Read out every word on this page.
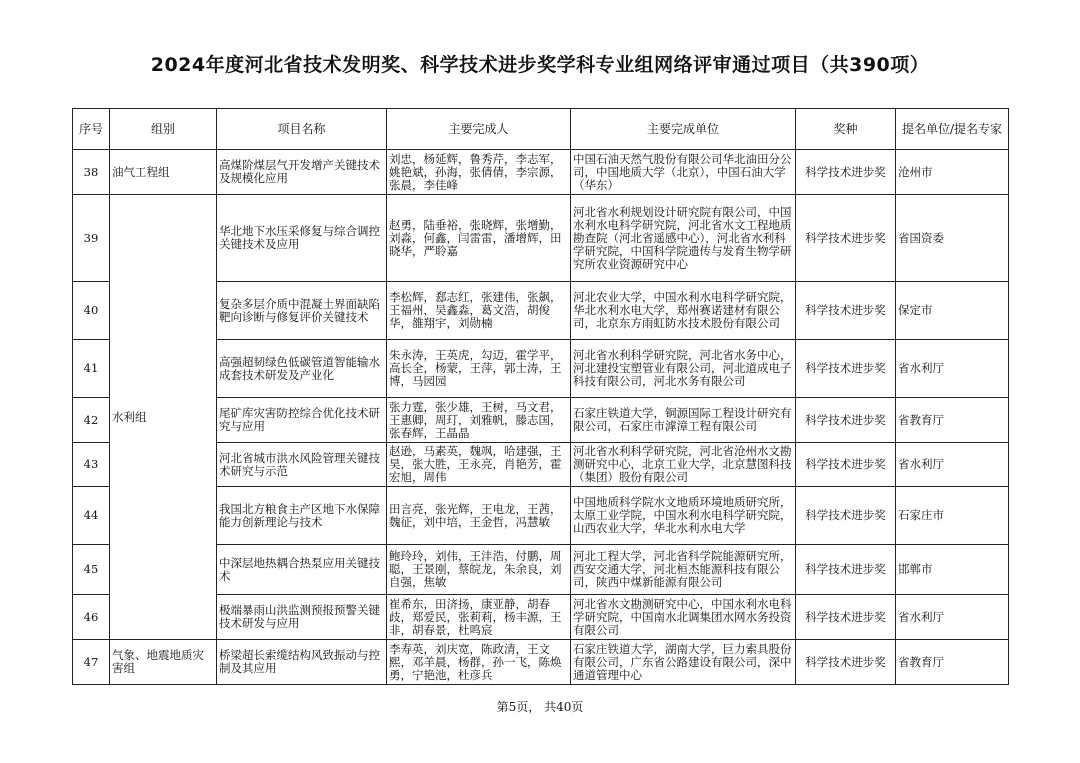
2024年度河北省技术发明奖、科学技术进步奖学科专业组网络评审通过项目（共390项）
序号	组别	项目名称	主要完成人	主要完成单位	奖种	提名单位/提名专家
38	油气工程组	高煤阶煤层气开发增产关键技术及规模化应用	刘忠，杨延辉，鲁秀芹，李志军，姚艳斌，孙海，张倩倩，李宗源，张晨，李佳峰	中国石油天然气股份有限公司华北油田分公司，中国地质大学（北京），中国石油大学（华东）	科学技术进步奖	沧州市
39	水利组	华北地下水压采修复与综合调控关键技术及应用	赵勇，陆垂裕，张晓辉，张增勤，刘淼，何鑫，闫雷雷，潘增辉，田晓华，严聆嘉	河北省水利规划设计研究院有限公司，中国水利水电科学研究院，河北省水文工程地质勘查院（河北省遥感中心），河北省水利科学研究院，中国科学院遗传与发育生物学研究所农业资源研究中心	科学技术进步奖	省国资委
40		复杂多层介质中混凝土界面缺陷靶向诊断与修复评价关键技术	李松辉，郄志红，张建伟，张飙，王福州，吴鑫淼，葛文浩，胡俊华，雒翔宇，刘勋楠	河北农业大学，中国水利水电科学研究院，华北水利水电大学，郑州赛诺建材有限公司，北京东方雨虹防水技术股份有限公司	科学技术进步奖	保定市
41		高强超韧绿色低碳管道智能输水成套技术研发及产业化	朱永涛，王英虎，勾迈，霍学平，高长全，杨蒙，王萍，郭士涛，王博，马园园	河北省水利科学研究院，河北省水务中心，河北建投宝塑管业有限公司，河北道成电子科技有限公司，河北水务有限公司	科学技术进步奖	省水利厅
42		尾矿库灾害防控综合优化技术研究与应用	张力霆，张少雄，王树，马文君，王惠卿，周玎，刘雅帆，滕志国，张春辉，王晶晶	石家庄铁道大学，铜源国际工程设计研究有限公司，石家庄市滹漳工程有限公司	科学技术进步奖	省教育厅
43		河北省城市洪水风险管理关键技术研究与示范	赵逊，马素英，魏飒，哈建强，王昊，张大胜，王永亮，肖艳芳，霍宏旭，周伟	河北省水利科学研究院，河北省沧州水文勘测研究中心，北京工业大学，北京慧图科技（集团）股份有限公司	科学技术进步奖	省水利厅
44		我国北方粮食主产区地下水保障能力创新理论与技术	田言亮，张光辉，王电龙，王茜，魏征，刘中培，王金哲，冯慧敏	中国地质科学院水文地质环境地质研究所，太原工业学院，中国水利水电科学研究院，山西农业大学，华北水利水电大学	科学技术进步奖	石家庄市
45		中深层地热耦合热泵应用关键技术	鲍玲玲，刘伟，王沣浩，付鹏，周聪，王景刚，蔡皖龙，朱余良，刘自强，焦敏	河北工程大学，河北省科学院能源研究所，西安交通大学，河北桓杰能源科技有限公司，陕西中煤新能源有限公司	科学技术进步奖	邯郸市
46		极端暴雨山洪监测预报预警关键技术研发与应用	崔希东，田济扬，康亚静，胡春歧，郑爱民，张莉莉，杨丰源，王非，胡春景，杜鸣宸	河北省水文勘测研究中心，中国水利水电科学研究院，中国南水北调集团水网水务投资有限公司	科学技术进步奖	省水利厅
47	气象、地震地质灾害组	桥梁超长索缆结构风致振动与控制及其应用	李寿英，刘庆宽，陈政清，王文熙，邓羊晨，杨群，孙一飞，陈焕勇，宁艳池，杜彦兵	石家庄铁道大学，湖南大学，巨力索具股份有限公司，广东省公路建设有限公司，深中通道管理中心	科学技术进步奖	省教育厅
第5页， 共40页
